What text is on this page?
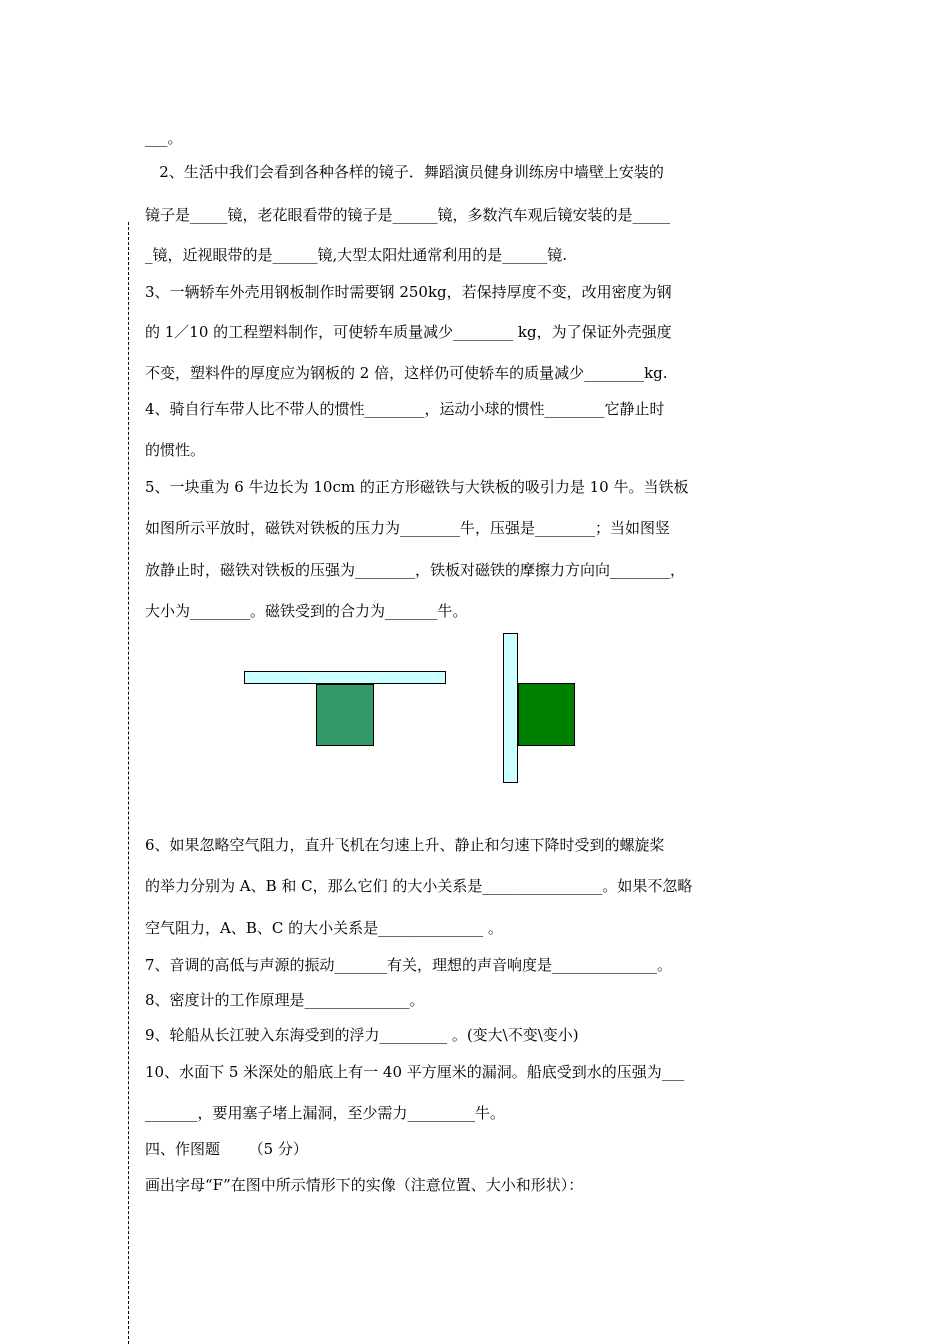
___。
2、生活中我们会看到各种各样的镜子．舞蹈演员健身训练房中墙壁上安装的
镜子是_____镜，老花眼看带的镜子是______镜，多数汽车观后镜安装的是_____
_镜，近视眼带的是______镜,大型太阳灶通常利用的是______镜.
3、一辆轿车外壳用钢板制作时需要钢 250kg，若保持厚度不变，改用密度为钢
的 1／10 的工程塑料制作，可使轿车质量减少________ kg，为了保证外壳强度
不变，塑料件的厚度应为钢板的 2 倍，这样仍可使轿车的质量减少________kg.
4、骑自行车带人比不带人的惯性________，运动小球的惯性________它静止时
的惯性。
5、一块重为 6 牛边长为 10cm 的正方形磁铁与大铁板的吸引力是 10 牛。当铁板
如图所示平放时，磁铁对铁板的压力为________牛，压强是________；当如图竖
放静止时，磁铁对铁板的压强为________，铁板对磁铁的摩擦力方向向________，
大小为________。磁铁受到的合力为_______牛。
6、如果忽略空气阻力，直升飞机在匀速上升、静止和匀速下降时受到的螺旋桨
的举力分别为 A、B 和 C，那么它们 的大小关系是________________。如果不忽略
空气阻力，A、B、C 的大小关系是______________ 。
7、音调的高低与声源的振动_______有关，理想的声音响度是______________。
8、密度计的工作原理是______________。
9、轮船从长江驶入东海受到的浮力_________ 。(变大\不变\变小)
10、水面下 5 米深处的船底上有一 40 平方厘米的漏洞。船底受到水的压强为___
_______，要用塞子堵上漏洞，至少需力_________牛。
四、作图题      （5 分）
画出字母“F”在图中所示情形下的实像（注意位置、大小和形状）：
